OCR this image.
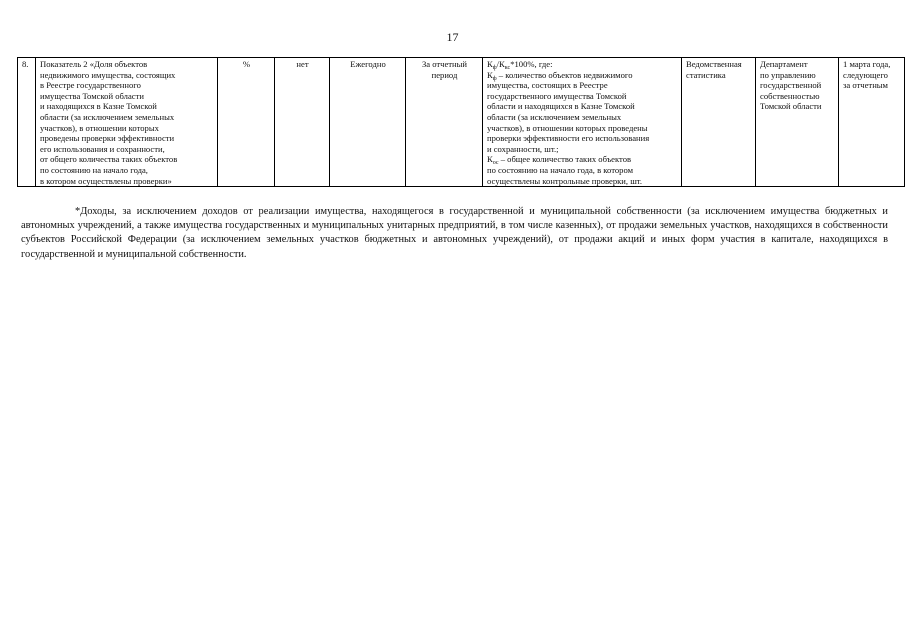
17
8.	Показатель 2 «Доля объектов
недвижимого имущества, состоящих
в Реестре государственного
имущества Томской области
и находящихся в Казне Томской
области (за исключением земельных
участков), в отношении которых
проведены проверки эффективности
его использования и сохранности,
от общего количества таких объектов
по состоянию на начало года,
в котором осуществлены проверки»	%	нет	Ежегодно	За отчетный
период	$К_ф/К_{кс}*100\%$, где:
$К_ф$ – количество объектов недвижимого
имущества, состоящих в Реестре
государственного имущества Томской
области и находящихся в Казне Томской
области (за исключением земельных
участков), в отношении которых проведены
проверки эффективности его использования
и сохранности, шт.;
$К_{ос}$ – общее количество таких объектов
по состоянию на начало года, в котором
осуществлены контрольные проверки, шт.	Ведомственная
статистика	Департамент
по управлению
государственной
собственностью
Томской области	1 марта года,
следующего
за отчетным
*Доходы, за исключением доходов от реализации имущества, находящегося в государственной и муниципальной собственности (за исключением имущества бюджетных и автономных учреждений, а также имущества государственных и муниципальных унитарных предприятий, в том числе казенных), от продажи земельных участков, находящихся в собственности субъектов Российской Федерации (за исключением земельных участков бюджетных и автономных учреждений), от продажи акций и иных форм участия в капитале, находящихся в государственной и муниципальной собственности.
